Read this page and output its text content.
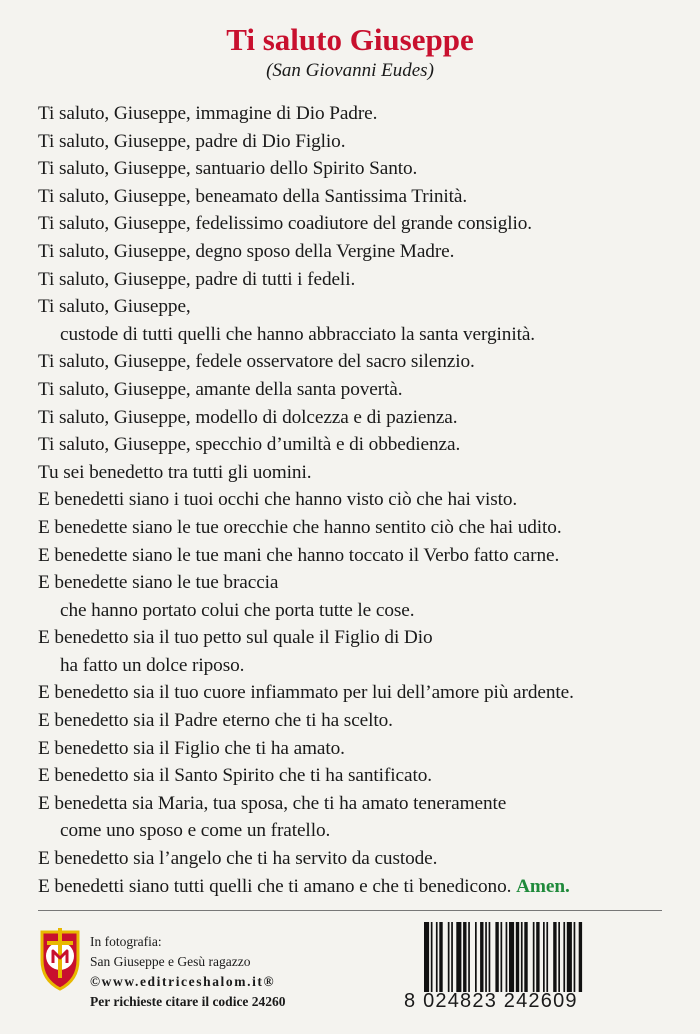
Ti saluto Giuseppe
(San Giovanni Eudes)
Ti saluto, Giuseppe, immagine di Dio Padre.
Ti saluto, Giuseppe, padre di Dio Figlio.
Ti saluto, Giuseppe, santuario dello Spirito Santo.
Ti saluto, Giuseppe, beneamato della Santissima Trinità.
Ti saluto, Giuseppe, fedelissimo coadiutore del grande consiglio.
Ti saluto, Giuseppe, degno sposo della Vergine Madre.
Ti saluto, Giuseppe, padre di tutti i fedeli.
Ti saluto, Giuseppe,
custode di tutti quelli che hanno abbracciato la santa verginità.
Ti saluto, Giuseppe, fedele osservatore del sacro silenzio.
Ti saluto, Giuseppe, amante della santa povertà.
Ti saluto, Giuseppe, modello di dolcezza e di pazienza.
Ti saluto, Giuseppe, specchio d’umiltà e di obbedienza.
Tu sei benedetto tra tutti gli uomini.
E benedetti siano i tuoi occhi che hanno visto ciò che hai visto.
E benedette siano le tue orecchie che hanno sentito ciò che hai udito.
E benedette siano le tue mani che hanno toccato il Verbo fatto carne.
E benedette siano le tue braccia
che hanno portato colui che porta tutte le cose.
E benedetto sia il tuo petto sul quale il Figlio di Dio
ha fatto un dolce riposo.
E benedetto sia il tuo cuore infiammato per lui dell’amore più ardente.
E benedetto sia il Padre eterno che ti ha scelto.
E benedetto sia il Figlio che ti ha amato.
E benedetto sia il Santo Spirito che ti ha santificato.
E benedetta sia Maria, tua sposa, che ti ha amato teneramente
come uno sposo e come un fratello.
E benedetto sia l’angelo che ti ha servito da custode.
E benedetti siano tutti quelli che ti amano e che ti benedicono. Amen.
In fotografia:
San Giuseppe e Gesù ragazzo
©www.editriceshalom.it®
Per richieste citare il codice 24260	8 024823 242609
